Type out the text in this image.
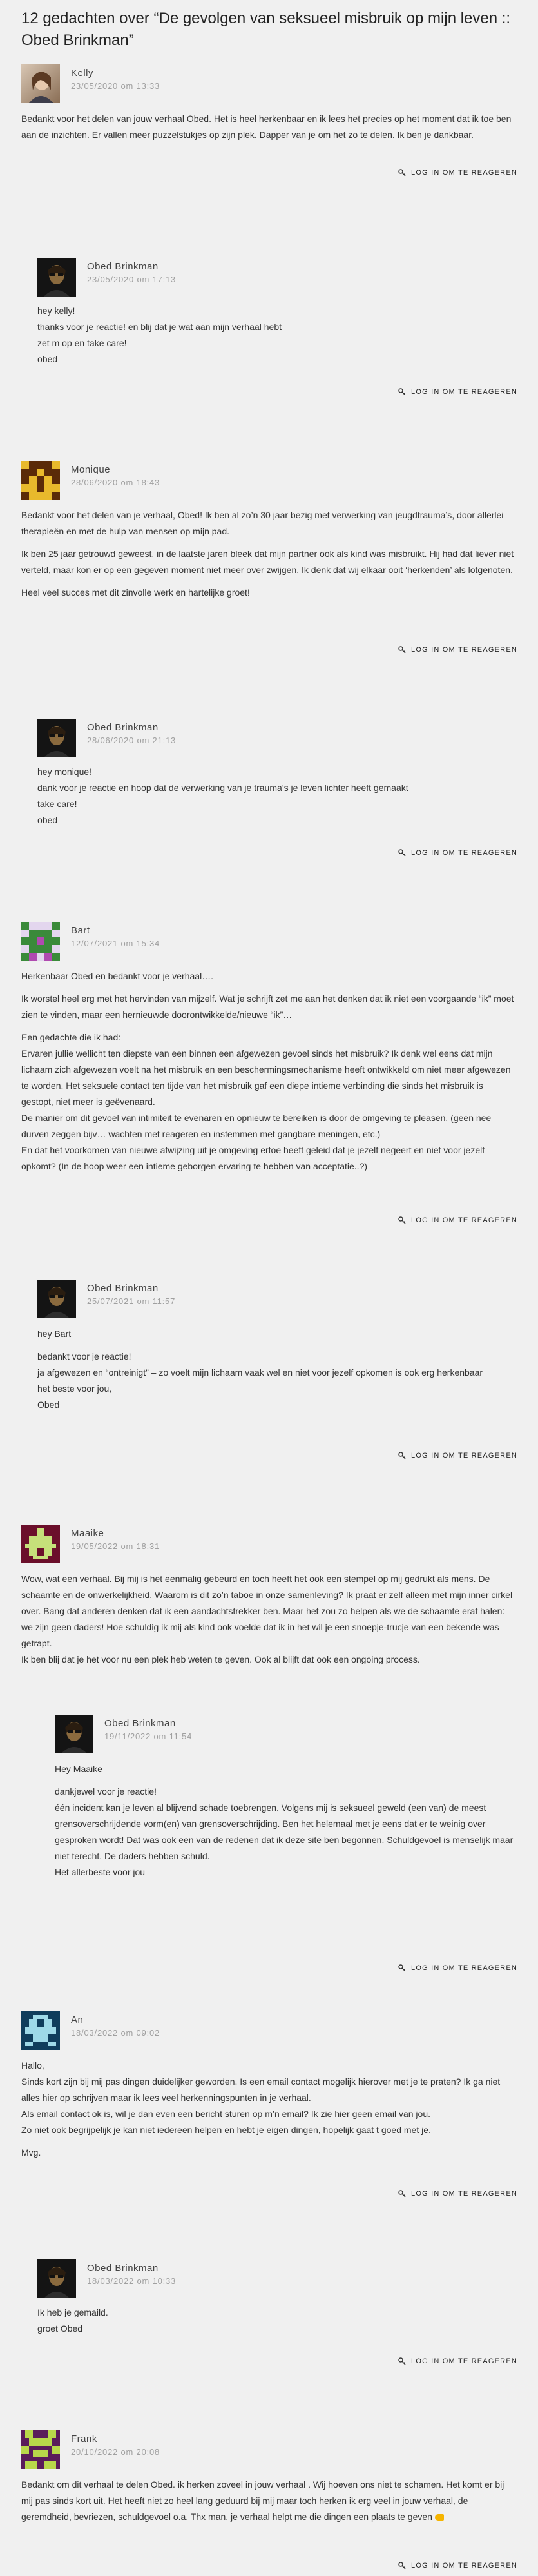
12 gedachten over “De gevolgen van seksueel misbruik op mijn leven :: Obed Brinkman”
Kelly
23/05/2020 om 13:33

Bedankt voor het delen van jouw verhaal Obed. Het is heel herkenbaar en ik lees het precies op het moment dat ik toe ben aan de inzichten. Er vallen meer puzzelstukjes op zijn plek. Dapper van je om het zo te delen. Ik ben je dankbaar.

LOG IN OM TE REAGEREN
Obed Brinkman
23/05/2020 om 17:13
hey kelly!
thanks voor je reactie! en blij dat je wat aan mijn verhaal hebt
zet m op en take care!
obed
LOG IN OM TE REAGEREN
Monique
28/06/2020 om 18:43

Bedankt voor het delen van je verhaal, Obed! Ik ben al zo’n 30 jaar bezig met verwerking van jeugdtrauma’s, door allerlei therapieën en met de hulp van mensen op mijn pad.

Ik ben 25 jaar getrouwd geweest, in de laatste jaren bleek dat mijn partner ook als kind was misbruikt. Hij had dat liever niet verteld, maar kon er op een gegeven moment niet meer over zwijgen. Ik denk dat wij elkaar ooit ‘herkenden’ als lotgenoten.

Heel veel succes met dit zinvolle werk en hartelijke groet!

LOG IN OM TE REAGEREN
Obed Brinkman
28/06/2020 om 21:13
hey monique!
dank voor je reactie en hoop dat de verwerking van je trauma’s je leven lichter heeft gemaakt
take care!
obed
LOG IN OM TE REAGEREN
Bart
12/07/2021 om 15:34

Herkenbaar Obed en bedankt voor je verhaal….

Ik worstel heel erg met het hervinden van mijzelf. Wat je schrijft zet me aan het denken dat ik niet een voorgaande “ik” moet zien te vinden, maar een hernieuwde doorontwikkelde/nieuwe “ik”…

Een gedachte die ik had:
Ervaren jullie wellicht ten diepste van een binnen een afgewezen gevoel sinds het misbruik? Ik denk wel eens dat mijn lichaam zich afgewezen voelt na het misbruik en een beschermingsmechanisme heeft ontwikkeld om niet meer afgewezen te worden. Het seksuele contact ten tijde van het misbruik gaf een diepe intieme verbinding die sinds het misbruik is gestopt, niet meer is geëvenaard.
De manier om dit gevoel van intimiteit te evenaren en opnieuw te bereiken is door de omgeving te pleasen. (geen nee durven zeggen bijv… wachten met reageren en instemmen met gangbare meningen, etc.)
En dat het voorkomen van nieuwe afwijzing uit je omgeving ertoe heeft geleid dat je jezelf negeert en niet voor jezelf opkomt? (In de hoop weer een intieme geborgen ervaring te hebben van acceptatie..?)
LOG IN OM TE REAGEREN
Obed Brinkman
25/07/2021 om 11:57

hey Bart

bedankt voor je reactie!
ja afgewezen en “ontreinigt” – zo voelt mijn lichaam vaak wel en niet voor jezelf opkomen is ook erg herkenbaar
het beste voor jou,
Obed
LOG IN OM TE REAGEREN
Maaike
19/05/2022 om 18:31
Wow, wat een verhaal. Bij mij is het eenmalig gebeurd en toch heeft het ook een stempel op mij gedrukt als mens. De schaamte en de onwerkelijkheid. Waarom is dit zo’n taboe in onze samenleving? Ik praat er zelf alleen met mijn inner cirkel over. Bang dat anderen denken dat ik een aandachtstrekker ben. Maar het zou zo helpen als we de schaamte eraf halen: we zijn geen daders! Hoe schuldig ik mij als kind ook voelde dat ik in het wil je een snoepje-trucje van een bekende was getrapt.
Ik ben blij dat je het voor nu een plek heb weten te geven. Ook al blijft dat ook een ongoing process.
Obed Brinkman
19/11/2022 om 11:54

Hey Maaike

dankjewel voor je reactie!
één incident kan je leven al blijvend schade toebrengen. Volgens mij is seksueel geweld (een van) de meest grensoverschrijdende vorm(en) van grensoverschrijding. Ben het helemaal met je eens dat er te weinig over gesproken wordt! Dat was ook een van de redenen dat ik deze site ben begonnen. Schuldgevoel is menselijk maar niet terecht. De daders hebben schuld.
Het allerbeste voor jou
LOG IN OM TE REAGEREN
An
18/03/2022 om 09:02
Hallo,
Sinds kort zijn bij mij pas dingen duidelijker geworden. Is een email contact mogelijk hierover met je te praten? Ik ga niet alles hier op schrijven maar ik lees veel herkenningspunten in je verhaal.
Als email contact ok is, wil je dan even een bericht sturen op m’n email? Ik zie hier geen email van jou.

Zo niet ook begrijpelijk je kan niet iedereen helpen en hebt je eigen dingen, hopelijk gaat t goed met je.

Mvg.
LOG IN OM TE REAGEREN
Obed Brinkman
18/03/2022 om 10:33
Ik heb je gemaild.
groet Obed
LOG IN OM TE REAGEREN
Frank
20/10/2022 om 20:08
Bedankt om dit verhaal te delen Obed. ik herken zoveel in jouw verhaal . Wij hoeven ons niet te schamen. Het komt er bij mij pas sinds kort uit. Het heeft niet zo heel lang geduurd bij mij maar toch herken ik erg veel in jouw verhaal, de geremdheid, bevriezen, schuldgevoel o.a. Thx man, je verhaal helpt me die dingen een plaats te geven
LOG IN OM TE REAGEREN
